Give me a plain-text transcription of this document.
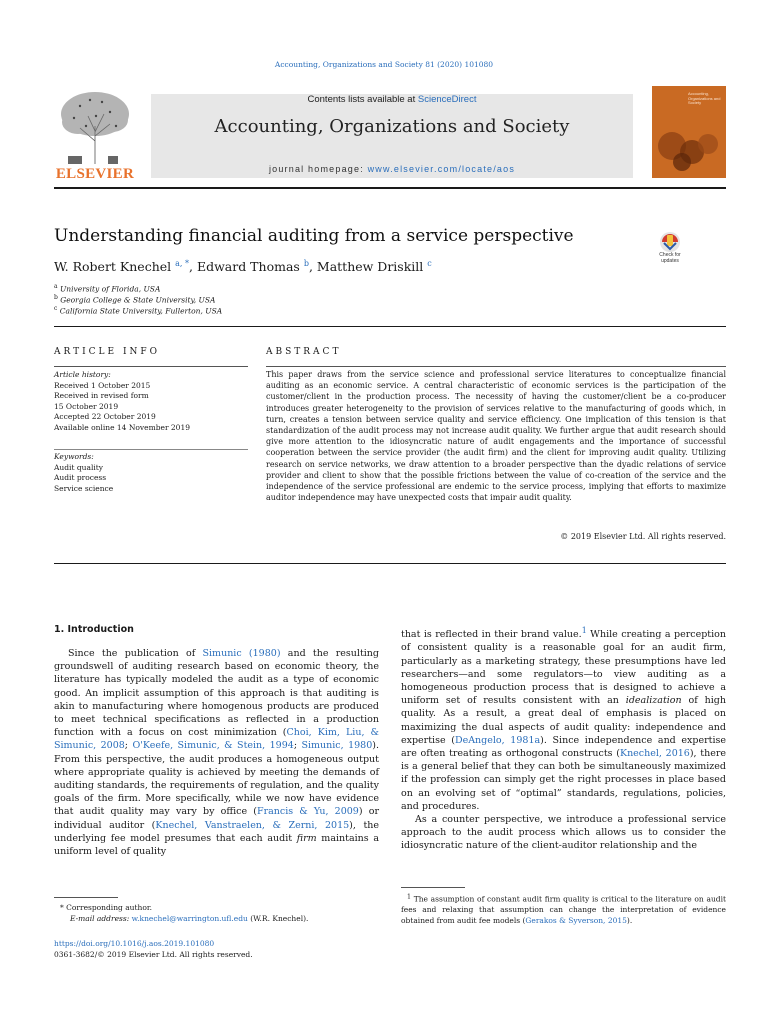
Accounting, Organizations and Society 81 (2020) 101080
ELSEVIER
Contents lists available at ScienceDirect
Accounting, Organizations and Society
journal homepage: www.elsevier.com/locate/aos
Accounting, Organizations and Society
Understanding financial auditing from a service perspective
Check for updates
W. Robert Knechel $^{a, *}$, Edward Thomas $^b$, Matthew Driskill $^c$
$^a$ University of Florida, USA
$^b$ Georgia College & State University, USA
$^c$ California State University, Fullerton, USA
ARTICLE INFO
Article history:
Received 1 October 2015
Received in revised form
15 October 2019
Accepted 22 October 2019
Available online 14 November 2019
Keywords:
Audit quality
Audit process
Service science
ABSTRACT
This paper draws from the service science and professional service literatures to conceptualize financial auditing as an economic service. A central characteristic of economic services is the participation of the customer/client in the production process. The necessity of having the customer/client be a co-producer introduces greater heterogeneity to the provision of services relative to the manufacturing of goods which, in turn, creates a tension between service quality and service efficiency. One implication of this tension is that standardization of the audit process may not increase audit quality. We further argue that audit research should give more attention to the idiosyncratic nature of audit engagements and the importance of successful cooperation between the service provider (the audit firm) and the client for improving audit quality. Utilizing research on service networks, we draw attention to a broader perspective than the dyadic relations of service provider and client to show that the possible frictions between the value of co-creation of the service and the independence of the service professional are endemic to the service process, implying that efforts to maximize auditor independence may have unexpected costs that impair audit quality.
© 2019 Elsevier Ltd. All rights reserved.
1. Introduction

Since the publication of Simunic (1980) and the resulting groundswell of auditing research based on economic theory, the literature has typically modeled the audit as a type of economic good. An implicit assumption of this approach is that auditing is akin to manufacturing where homogenous products are produced to meet technical specifications as reflected in a production function with a focus on cost minimization (Choi, Kim, Liu, & Simunic, 2008; O'Keefe, Simunic, & Stein, 1994; Simunic, 1980). From this perspective, the audit produces a homogeneous output where appropriate quality is achieved by meeting the demands of auditing standards, the requirements of regulation, and the quality goals of the firm. More specifically, while we now have evidence that audit quality may vary by office (Francis & Yu, 2009) or individual auditor (Knechel, Vanstraelen, & Zerni, 2015), the underlying fee model presumes that each audit firm maintains a uniform level of quality

that is reflected in their brand value.$^1$ While creating a perception of consistent quality is a reasonable goal for an audit firm, particularly as a marketing strategy, these presumptions have led researchers—and some regulators—to view auditing as a homogeneous production process that is designed to achieve a uniform set of results consistent with an idealization of high quality. As a result, a great deal of emphasis is placed on maximizing the dual aspects of audit quality: independence and expertise (DeAngelo, 1981a). Since independence and expertise are often treating as orthogonal constructs (Knechel, 2016), there is a general belief that they can both be simultaneously maximized if the profession can simply get the right processes in place based on an evolving set of “optimal” standards, regulations, policies, and procedures.

As a counter perspective, we introduce a professional service approach to the audit process which allows us to consider the idiosyncratic nature of the client-auditor relationship and the

* Corresponding author.
E-mail address: w.knechel@warrington.ufl.edu (W.R. Knechel).
$^1$ The assumption of constant audit firm quality is critical to the literature on audit fees and relaxing that assumption can change the interpretation of evidence obtained from audit fee models (Gerakos & Syverson, 2015).
https://doi.org/10.1016/j.aos.2019.101080
0361-3682/© 2019 Elsevier Ltd. All rights reserved.
